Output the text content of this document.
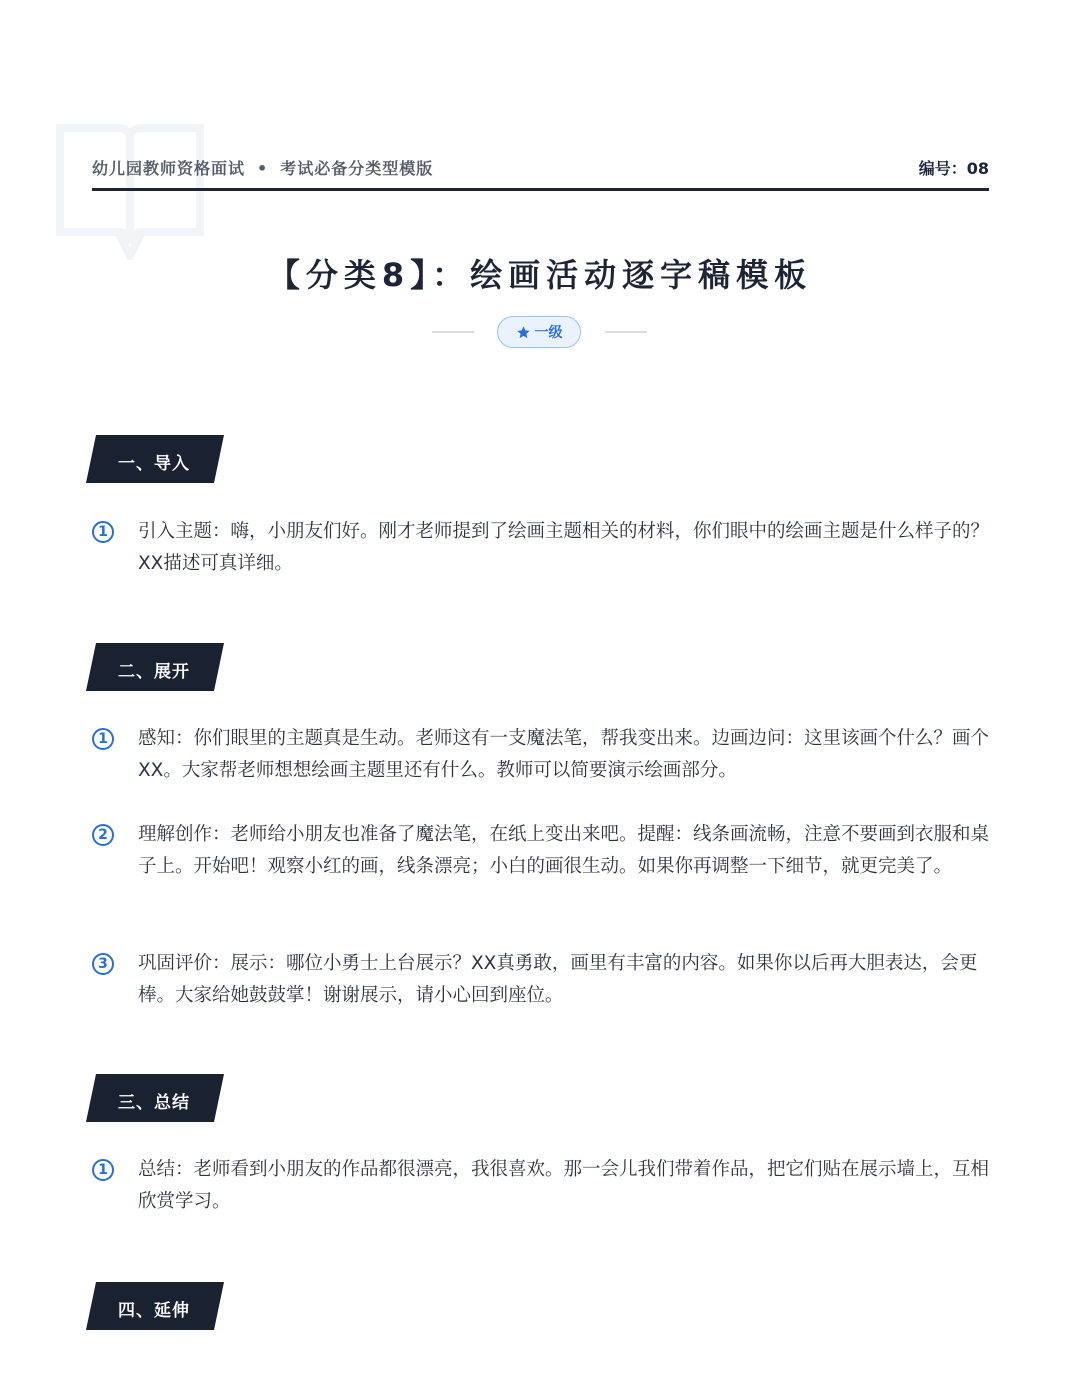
幼儿园教师资格面试 • 考试必备分类型模版	编号：08
【分类8】：绘画活动逐字稿模板
一级
一、导入
1	引入主题：嗨，小朋友们好。刚才老师提到了绘画主题相关的材料，你们眼中的绘画主题是什么样子的？XX描述可真详细。
二、展开
1	感知：你们眼里的主题真是生动。老师这有一支魔法笔，帮我变出来。边画边问：这里该画个什么？画个XX。大家帮老师想想绘画主题里还有什么。教师可以简要演示绘画部分。
2	理解创作：老师给小朋友也准备了魔法笔，在纸上变出来吧。提醒：线条画流畅，注意不要画到衣服和桌子上。开始吧！观察小红的画，线条漂亮；小白的画很生动。如果你再调整一下细节，就更完美了。
3	巩固评价：展示：哪位小勇士上台展示？XX真勇敢，画里有丰富的内容。如果你以后再大胆表达，会更棒。大家给她鼓鼓掌！谢谢展示，请小心回到座位。
三、总结
1	总结：老师看到小朋友的作品都很漂亮，我很喜欢。那一会儿我们带着作品，把它们贴在展示墙上，互相欣赏学习。
四、延伸
